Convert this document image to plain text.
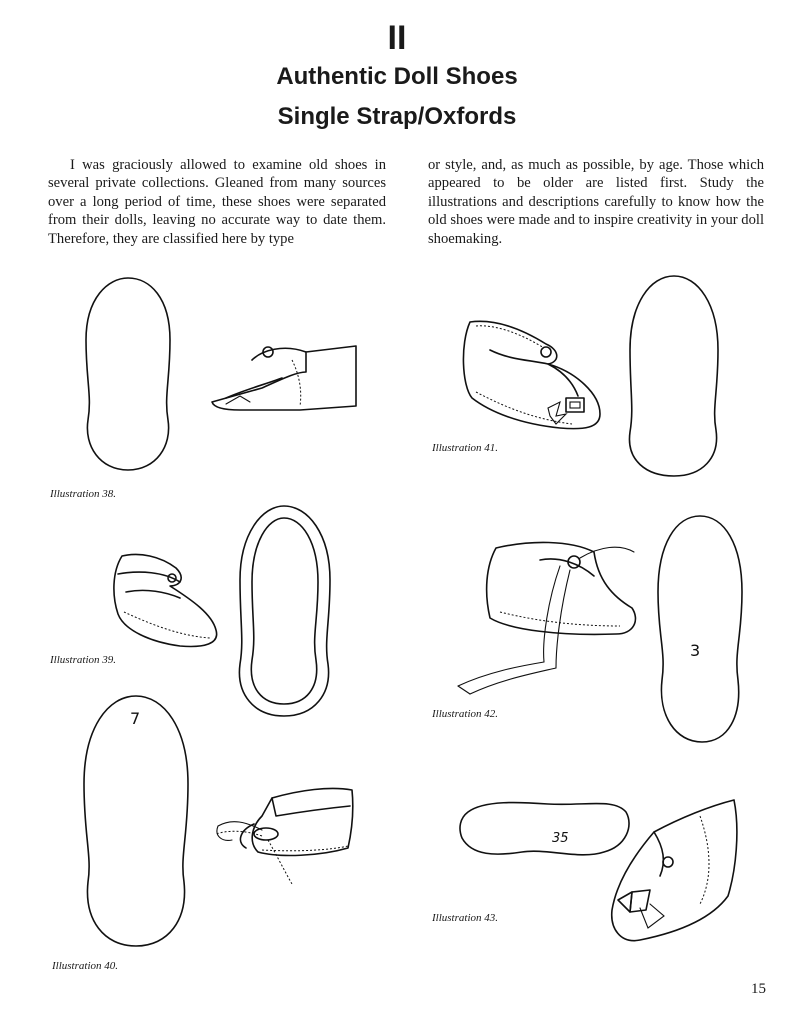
II
Authentic Doll Shoes
Single Strap/Oxfords

I was graciously allowed to examine old shoes in several private collections. Gleaned from many sources over a long period of time, these shoes were separated from their dolls, leaving no accurate way to date them. Therefore, they are classified here by type

or style, and, as much as possible, by age. Those which appeared to be older are listed first. Study the illustrations and descriptions carefully to know how the old shoes were made and to inspire creativity in your doll shoemaking.

3
7
35
Illustration 38.
Illustration 41.
Illustration 39.
Illustration 42.
Illustration 43.
Illustration 40.
15
